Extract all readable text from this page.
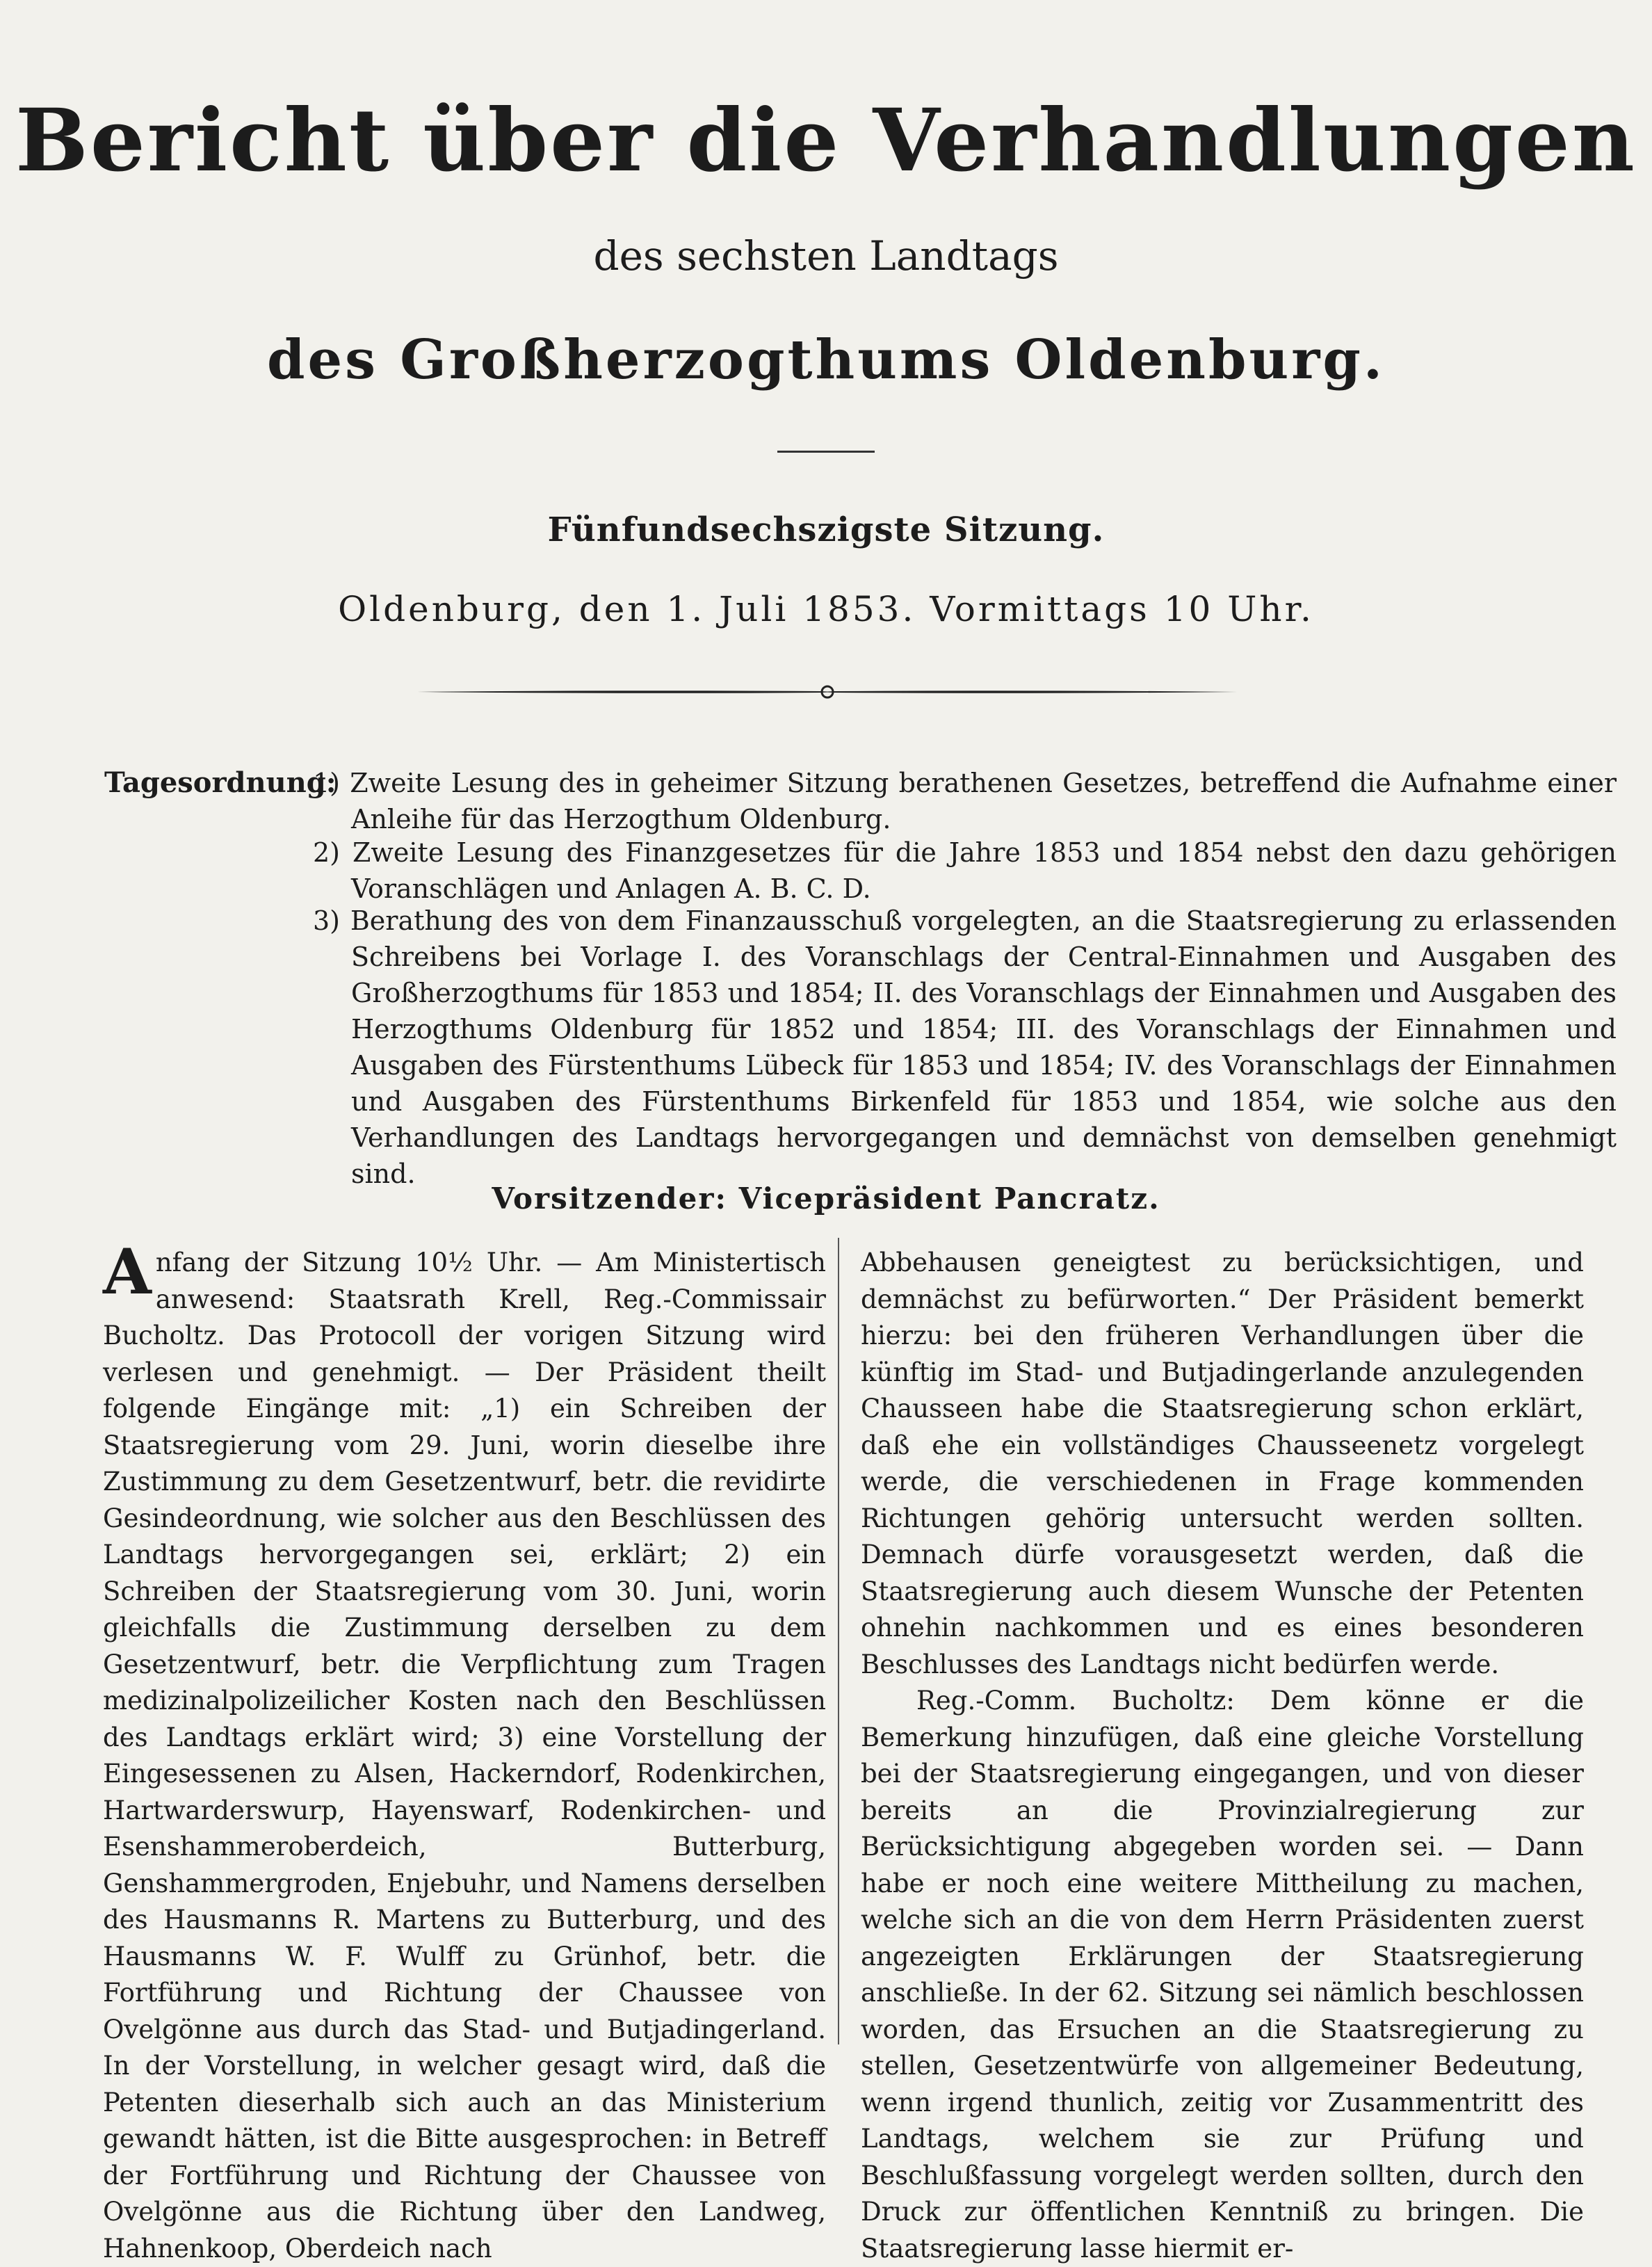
Bericht über die Verhandlungen
des sechsten Landtags
des Großherzogthums Oldenburg.
Fünfundsechszigste Sitzung.
Oldenburg, den 1. Juli 1853. Vormittags 10 Uhr.
Tagesordnung:
1) Zweite Lesung des in geheimer Sitzung berathenen Gesetzes, betreffend die Aufnahme einer Anleihe für das Herzogthum Oldenburg.
2) Zweite Lesung des Finanzgesetzes für die Jahre 1853 und 1854 nebst den dazu gehörigen Voranschlägen und Anlagen A. B. C. D.
3) Berathung des von dem Finanzausschuß vorgelegten, an die Staatsregierung zu erlassenden Schreibens bei Vorlage I. des Voranschlags der Central-Einnahmen und Ausgaben des Großherzogthums für 1853 und 1854; II. des Voranschlags der Einnahmen und Ausgaben des Herzogthums Oldenburg für 1852 und 1854; III. des Voranschlags der Einnahmen und Ausgaben des Fürstenthums Lübeck für 1853 und 1854; IV. des Voranschlags der Einnahmen und Ausgaben des Fürstenthums Birkenfeld für 1853 und 1854, wie solche aus den Verhandlungen des Landtags hervorgegangen und demnächst von demselben genehmigt sind.
Vorsitzender: Vicepräsident Pancratz.

A nfang der Sitzung 10½ Uhr. — Am Ministertisch anwesend: Staatsrath Krell, Reg.-Commissair Bucholtz. Das Protocoll der vorigen Sitzung wird verlesen und genehmigt. — Der Präsident theilt folgende Eingänge mit: „1) ein Schreiben der Staatsregierung vom 29. Juni, worin dieselbe ihre Zustimmung zu dem Gesetzentwurf, betr. die revidirte Gesindeordnung, wie solcher aus den Beschlüssen des Landtags hervorgegangen sei, erklärt; 2) ein Schreiben der Staatsregierung vom 30. Juni, worin gleichfalls die Zustimmung derselben zu dem Gesetzentwurf, betr. die Verpflichtung zum Tragen medizinalpolizeilicher Kosten nach den Beschlüssen des Landtags erklärt wird; 3) eine Vorstellung der Eingesessenen zu Alsen, Hackerndorf, Rodenkirchen, Hartwarderswurp, Hayenswarf, Rodenkirchen- und Esenshammeroberdeich, Butterburg, Genshammergroden, Enjebuhr, und Namens derselben des Hausmanns R. Martens zu Butterburg, und des Hausmanns W. F. Wulff zu Grünhof, betr. die Fortführung und Richtung der Chaussee von Ovelgönne aus durch das Stad- und Butjadingerland. In der Vorstellung, in welcher gesagt wird, daß die Petenten dieserhalb sich auch an das Ministerium gewandt hätten, ist die Bitte ausgesprochen: in Betreff der Fortführung und Richtung der Chaussee von Ovelgönne aus die Richtung über den Landweg, Hahnenkoop, Oberdeich nach

Abbehausen geneigtest zu berücksichtigen, und demnächst zu befürworten.“ Der Präsident bemerkt hierzu: bei den früheren Verhandlungen über die künftig im Stad- und Butjadingerlande anzulegenden Chausseen habe die Staatsregierung schon erklärt, daß ehe ein vollständiges Chausseenetz vorgelegt werde, die verschiedenen in Frage kommenden Richtungen gehörig untersucht werden sollten. Demnach dürfe vorausgesetzt werden, daß die Staatsregierung auch diesem Wunsche der Petenten ohnehin nachkommen und es eines besonderen Beschlusses des Landtags nicht bedürfen werde.

Reg.-Comm. Bucholtz: Dem könne er die Bemerkung hinzufügen, daß eine gleiche Vorstellung bei der Staatsregierung eingegangen, und von dieser bereits an die Provinzialregierung zur Berücksichtigung abgegeben worden sei. — Dann habe er noch eine weitere Mittheilung zu machen, welche sich an die von dem Herrn Präsidenten zuerst angezeigten Erklärungen der Staatsregierung anschließe. In der 62. Sitzung sei nämlich beschlossen worden, das Ersuchen an die Staatsregierung zu stellen, Gesetzentwürfe von allgemeiner Bedeutung, wenn irgend thunlich, zeitig vor Zusammentritt des Landtags, welchem sie zur Prüfung und Beschlußfassung vorgelegt werden sollten, durch den Druck zur öffentlichen Kenntniß zu bringen. Die Staatsregierung lasse hiermit er-
